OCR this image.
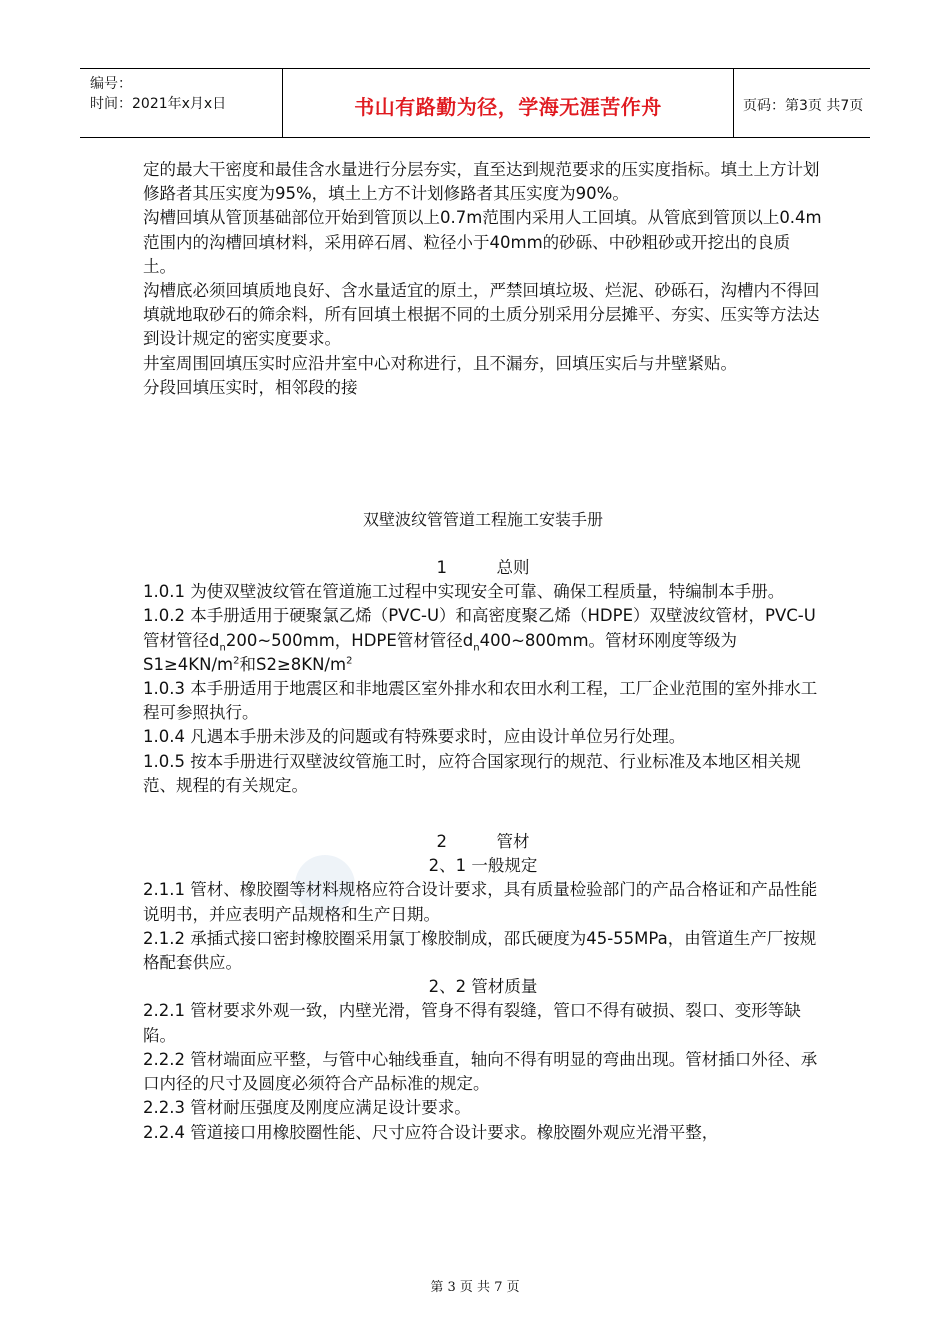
编号：
时间：2021年x月x日	书山有路勤为径，学海无涯苦作舟	页码：第3页 共7页

定的最大干密度和最佳含水量进行分层夯实，直至达到规范要求的压实度指标。填土上方计划修路者其压实度为95%，填土上方不计划修路者其压实度为90%。

沟槽回填从管顶基础部位开始到管顶以上0.7m范围内采用人工回填。从管底到管顶以上0.4m范围内的沟槽回填材料，采用碎石屑、粒径小于40mm的砂砾、中砂粗砂或开挖出的良质土。

沟槽底必须回填质地良好、含水量适宜的原土，严禁回填垃圾、烂泥、砂砾石，沟槽内不得回填就地取砂石的筛余料，所有回填土根据不同的土质分别采用分层摊平、夯实、压实等方法达到设计规定的密实度要求。

井室周围回填压实时应沿井室中心对称进行，且不漏夯，回填压实后与井壁紧贴。

分段回填压实时，相邻段的接

双壁波纹管管道工程施工安装手册

1	总则

1.0.1 为使双壁波纹管在管道施工过程中实现安全可靠、确保工程质量，特编制本手册。

1.0.2 本手册适用于硬聚氯乙烯（PVC-U）和高密度聚乙烯（HDPE）双壁波纹管材，PVC-U管材管径$d_n200\sim 500mm$，HDPE管材管径$d_n400\sim 800mm$。管材环刚度等级为$S1\ge 4KN/m^2$和$S2\ge 8KN/m^2$

1.0.3 本手册适用于地震区和非地震区室外排水和农田水利工程，工厂企业范围的室外排水工程可参照执行。

1.0.4 凡遇本手册未涉及的问题或有特殊要求时，应由设计单位另行处理。

1.0.5 按本手册进行双壁波纹管施工时，应符合国家现行的规范、行业标准及本地区相关规范、规程的有关规定。

2	管材

2、1 一般规定

2.1.1 管材、橡胶圈等材料规格应符合设计要求，具有质量检验部门的产品合格证和产品性能说明书，并应表明产品规格和生产日期。

2.1.2 承插式接口密封橡胶圈采用氯丁橡胶制成，邵氏硬度为45-55MPa，由管道生产厂按规格配套供应。

2、2 管材质量

2.2.1 管材要求外观一致，内壁光滑，管身不得有裂缝，管口不得有破损、裂口、变形等缺陷。

2.2.2 管材端面应平整，与管中心轴线垂直，轴向不得有明显的弯曲出现。管材插口外径、承口内径的尺寸及圆度必须符合产品标准的规定。

2.2.3 管材耐压强度及刚度应满足设计要求。

2.2.4 管道接口用橡胶圈性能、尺寸应符合设计要求。橡胶圈外观应光滑平整，

第 3 页 共 7 页
